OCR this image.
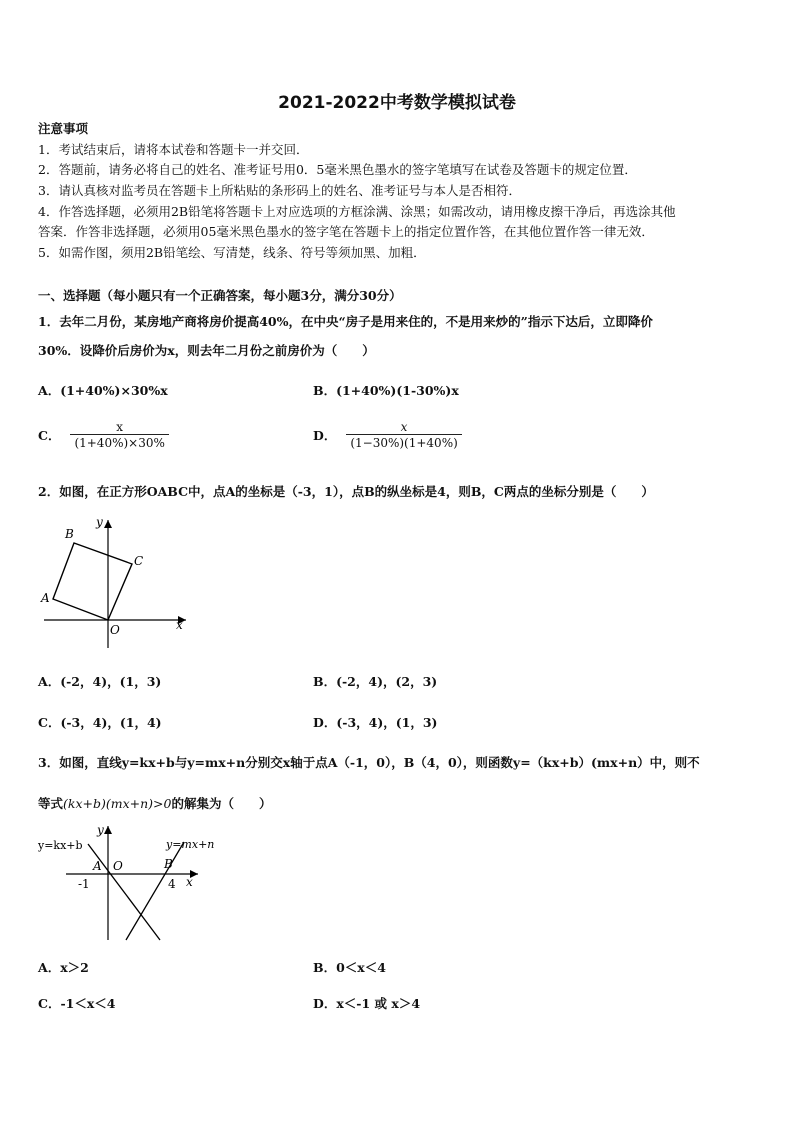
2021-2022中考数学模拟试卷
注意事项
1．考试结束后，请将本试卷和答题卡一并交回．
2．答题前，请务必将自己的姓名、准考证号用0．5毫米黑色墨水的签字笔填写在试卷及答题卡的规定位置．
3．请认真核对监考员在答题卡上所粘贴的条形码上的姓名、准考证号与本人是否相符．
4．作答选择题，必须用2B铅笔将答题卡上对应选项的方框涂满、涂黑；如需改动，请用橡皮擦干净后，再选涂其他
答案．作答非选择题，必须用05毫米黑色墨水的签字笔在答题卡上的指定位置作答，在其他位置作答一律无效．
5．如需作图，须用2B铅笔绘、写清楚，线条、符号等须加黑、加粗．
一、选择题（每小题只有一个正确答案，每小题3分，满分30分）
1．去年二月份，某房地产商将房价提高40%，在中央“房子是用来住的，不是用来炒的”指示下达后，立即降价
30%．设降价后房价为x，则去年二月份之前房价为（　　）
A．(1+40%)×30%x	B．(1+40%)(1-30%)x
C． $\frac{x}{(1+40\%)\times 30\%}$	D． $\frac{x}{(1-30\%)(1+40\%)}$
2．如图，在正方形OABC中，点A的坐标是（-3，1），点B的纵坐标是4，则B，C两点的坐标分别是（　　）
B
C
A
O	x
y
A．(-2，4)，(1，3)	B．(-2，4)，(2，3)
C．(-3，4)，(1，4)	D．(-3，4)，(1，3)
3．如图，直线y=kx+b与y=mx+n分别交x轴于点A（-1，0），B（4，0），则函数y=（kx+b）(mx+n）中，则不
等式(kx+b)(mx+n)>0的解集为（　　）
y=kx+b	y=mx+n
A O	B
-1	4 x
y
A．x＞2	B．0＜x＜4
C．-1＜x＜4	D．x＜-1 或 x＞4
